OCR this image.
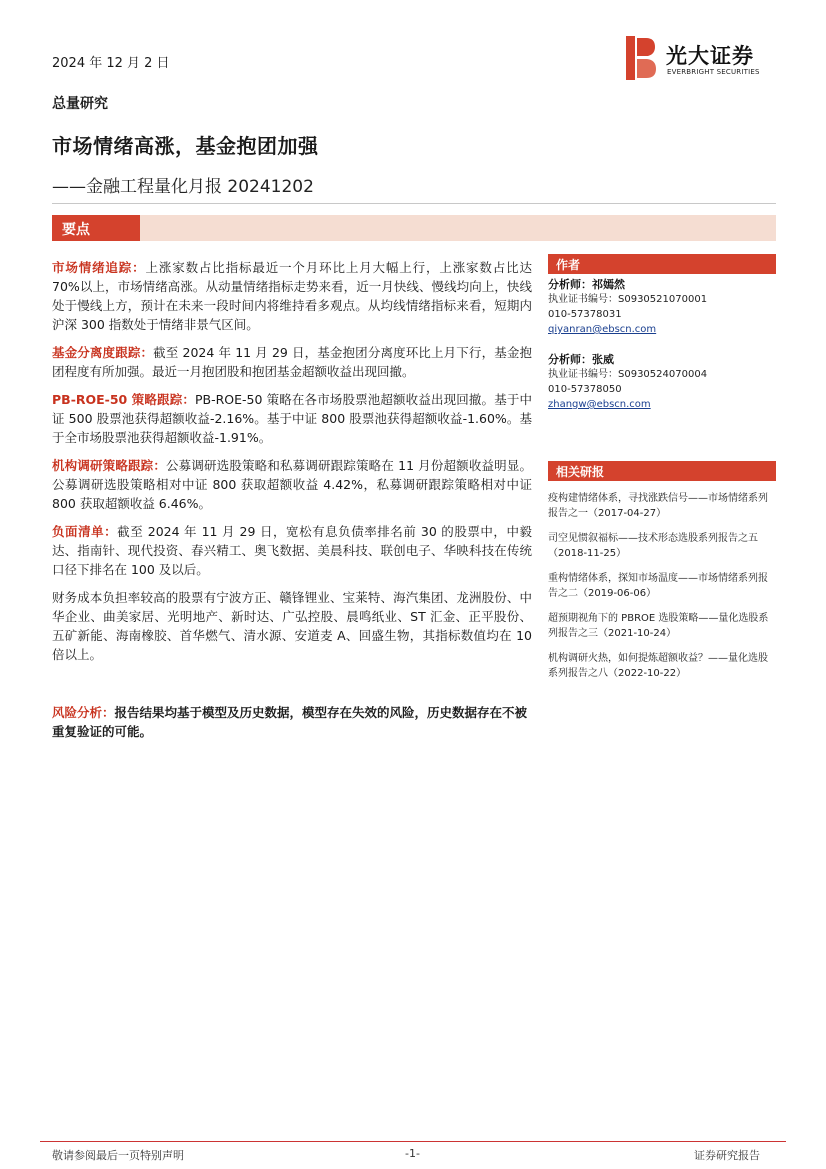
2024 年 12 月 2 日	光大证券
EVERBRIGHT SECURITIES
总量研究
市场情绪高涨，基金抱团加强
——金融工程量化月报 20241202
要点

市场情绪追踪：上涨家数占比指标最近一个月环比上月大幅上行，上涨家数占比达 70%以上，市场情绪高涨。从动量情绪指标走势来看，近一月快线、慢线均向上，快线处于慢线上方，预计在未来一段时间内将维持看多观点。从均线情绪指标来看，短期内沪深 300 指数处于情绪非景气区间。

基金分离度跟踪：截至 2024 年 11 月 29 日，基金抱团分离度环比上月下行，基金抱团程度有所加强。最近一月抱团股和抱团基金超额收益出现回撤。

PB-ROE-50 策略跟踪：PB-ROE-50 策略在各市场股票池超额收益出现回撤。基于中证 500 股票池获得超额收益-2.16%。基于中证 800 股票池获得超额收益-1.60%。基于全市场股票池获得超额收益-1.91%。

机构调研策略跟踪：公募调研选股策略和私募调研跟踪策略在 11 月份超额收益明显。公募调研选股策略相对中证 800 获取超额收益 4.42%，私募调研跟踪策略相对中证 800 获取超额收益 6.46%。

负面清单：截至 2024 年 11 月 29 日，宽松有息负债率排名前 30 的股票中，中毅达、指南针、现代投资、春兴精工、奥飞数据、美晨科技、联创电子、华映科技在传统口径下排名在 100 及以后。

财务成本负担率较高的股票有宁波方正、赣锋锂业、宝莱特、海汽集团、龙洲股份、中华企业、曲美家居、光明地产、新时达、广弘控股、晨鸣纸业、ST 汇金、正平股份、五矿新能、海南橡胶、首华燃气、清水源、安道麦 A、回盛生物，其指标数值均在 10 倍以上。

风险分析：报告结果均基于模型及历史数据，模型存在失效的风险，历史数据存在不被重复验证的可能。
作者
分析师：祁嫣然
执业证书编号：S0930521070001
010-57378031
qiyanran@ebscn.com
分析师：张威
执业证书编号：S0930524070004
010-57378050
zhangw@ebscn.com
相关研报
疫构建情绪体系，寻找涨跌信号——市场情绪系列报告之一（2017-04-27）
司空见惯叙福标——技术形态选股系列报告之五（2018-11-25）
重构情绪体系，探知市场温度——市场情绪系列报告之二（2019-06-06）
超预期视角下的 PBROE 选股策略——量化选股系列报告之三（2021-10-24）
机构调研火热，如何提炼超额收益？——量化选股系列报告之八（2022-10-22）
敬请参阅最后一页特别声明	-1-	证券研究报告
